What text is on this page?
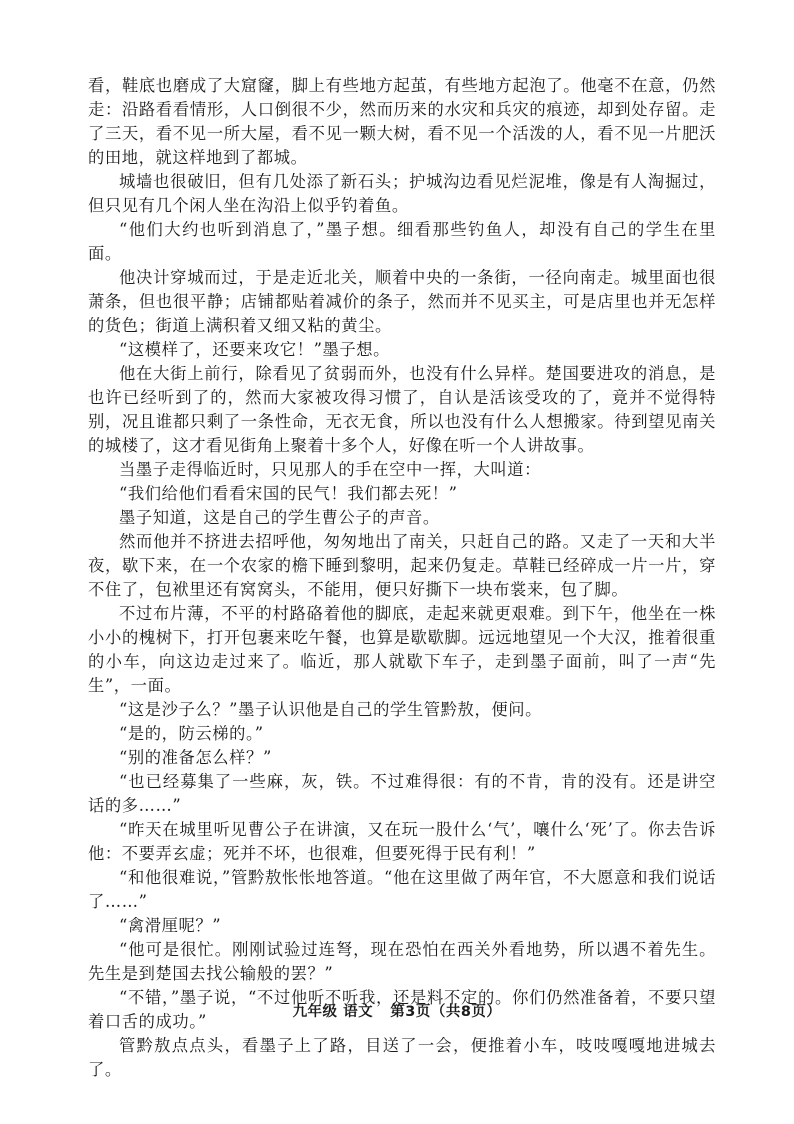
看，鞋底也磨成了大窟窿，脚上有些地方起茧，有些地方起泡了。他毫不在意，仍然走：沿路看看情形，人口倒很不少，然而历来的水灾和兵灾的痕迹，却到处存留。走了三天，看不见一所大屋，看不见一颗大树，看不见一个活泼的人，看不见一片肥沃的田地，就这样地到了都城。

城墙也很破旧，但有几处添了新石头；护城沟边看见烂泥堆，像是有人淘掘过，但只见有几个闲人坐在沟沿上似乎钓着鱼。

“他们大约也听到消息了，”墨子想。细看那些钓鱼人，却没有自己的学生在里面。

他决计穿城而过，于是走近北关，顺着中央的一条街，一径向南走。城里面也很萧条，但也很平静；店铺都贴着减价的条子，然而并不见买主，可是店里也并无怎样的货色；街道上满积着又细又粘的黄尘。

“这模样了，还要来攻它！”墨子想。

他在大街上前行，除看见了贫弱而外，也没有什么异样。楚国要进攻的消息，是也许已经听到了的，然而大家被攻得习惯了，自认是活该受攻的了，竟并不觉得特别，况且谁都只剩了一条性命，无衣无食，所以也没有什么人想搬家。待到望见南关的城楼了，这才看见街角上聚着十多个人，好像在听一个人讲故事。

当墨子走得临近时，只见那人的手在空中一挥，大叫道：

“我们给他们看看宋国的民气！我们都去死！”

墨子知道，这是自己的学生曹公子的声音。

然而他并不挤进去招呼他，匆匆地出了南关，只赶自己的路。又走了一天和大半夜，歇下来，在一个农家的檐下睡到黎明，起来仍复走。草鞋已经碎成一片一片，穿不住了，包袱里还有窝窝头，不能用，便只好撕下一块布裳来，包了脚。

不过布片薄，不平的村路硌着他的脚底，走起来就更艰难。到下午，他坐在一株小小的槐树下，打开包裹来吃午餐，也算是歇歇脚。远远地望见一个大汉，推着很重的小车，向这边走过来了。临近，那人就歇下车子，走到墨子面前，叫了一声“先生”，一面。

“这是沙子么？”墨子认识他是自己的学生管黔敖，便问。

“是的，防云梯的。”

“别的准备怎么样？”

“也已经募集了一些麻，灰，铁。不过难得很：有的不肯，肯的没有。还是讲空话的多……”

“昨天在城里听见曹公子在讲演，又在玩一股什么‘气’，嚷什么‘死’了。你去告诉他：不要弄玄虚；死并不坏，也很难，但要死得于民有利！”

“和他很难说，”管黔敖怅怅地答道。“他在这里做了两年官，不大愿意和我们说话了……”

“禽滑厘呢？”

“他可是很忙。刚刚试验过连弩，现在恐怕在西关外看地势，所以遇不着先生。先生是到楚国去找公输般的罢？”

“不错，”墨子说，“不过他听不听我，还是料不定的。你们仍然准备着，不要只望着口舌的成功。”

管黔敖点点头，看墨子上了路，目送了一会，便推着小车，吱吱嘎嘎地进城去了。

九年级 语文 第3页（共8页）
